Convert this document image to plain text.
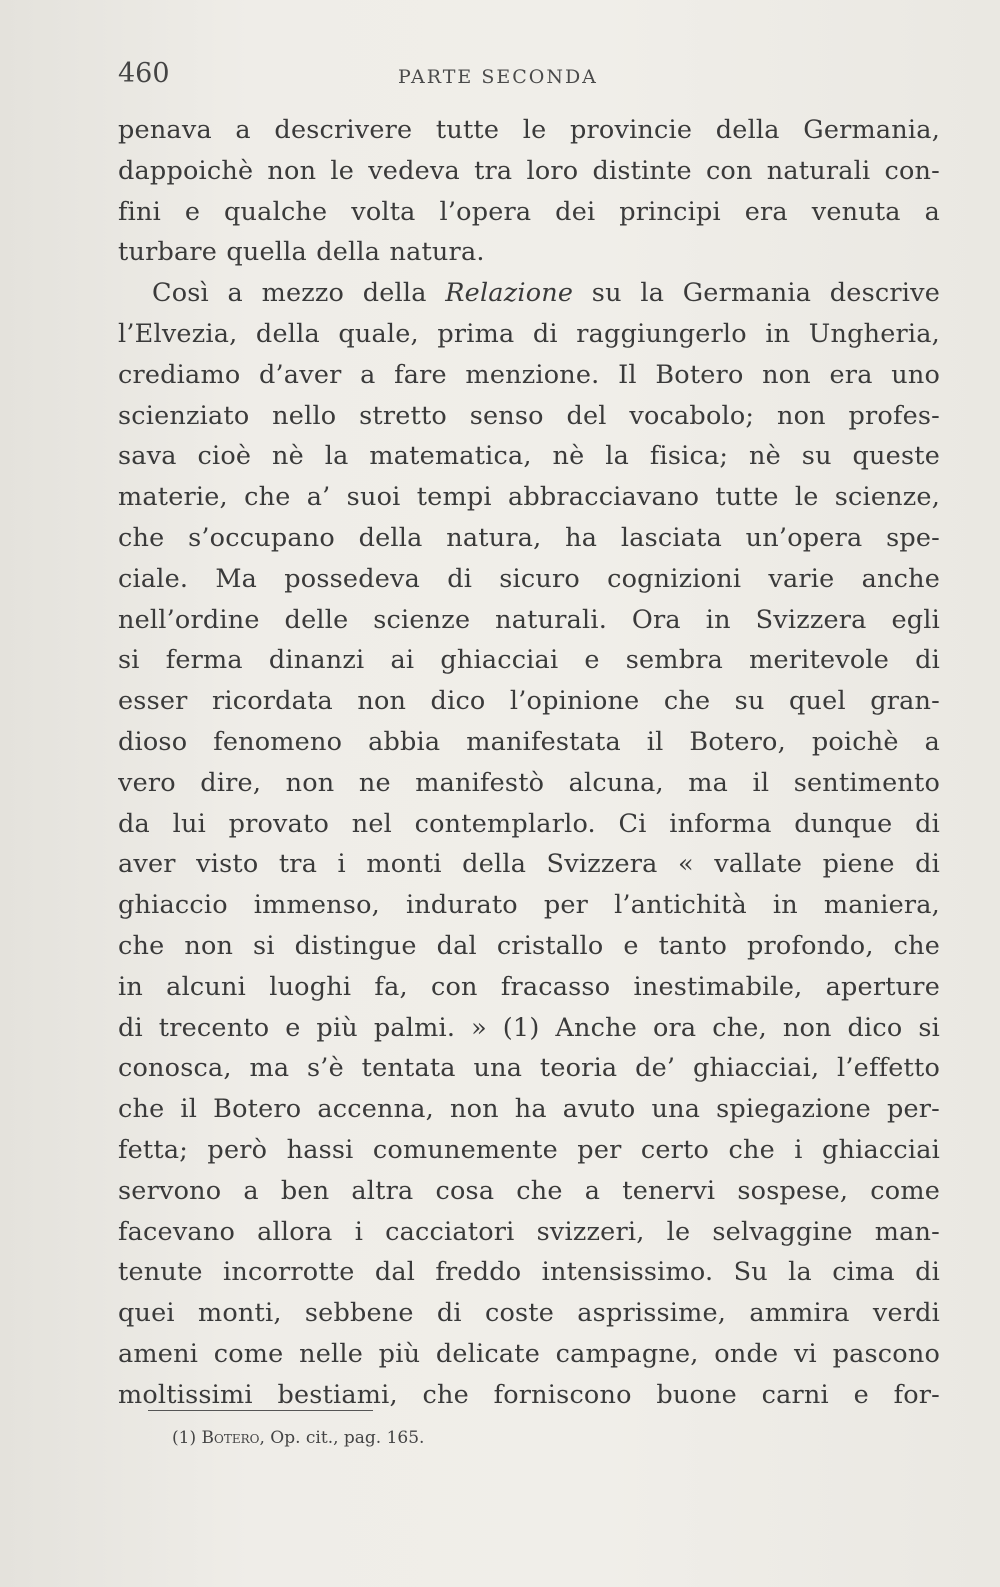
460	PARTE SECONDA
penava a descrivere tutte le provincie della Germania,
dappoichè non le vedeva tra loro distinte con naturali con-
fini e qualche volta l’opera dei principi era venuta a
turbare quella della natura.
Così a mezzo della Relazione su la Germania descrive
l’Elvezia, della quale, prima di raggiungerlo in Ungheria,
crediamo d’aver a fare menzione. Il Botero non era uno
scienziato nello stretto senso del vocabolo; non profes-
sava cioè nè la matematica, nè la fisica; nè su queste
materie, che a’ suoi tempi abbracciavano tutte le scienze,
che s’occupano della natura, ha lasciata un’opera spe-
ciale. Ma possedeva di sicuro cognizioni varie anche
nell’ordine delle scienze naturali. Ora in Svizzera egli
si ferma dinanzi ai ghiacciai e sembra meritevole di
esser ricordata non dico l’opinione che su quel gran-
dioso fenomeno abbia manifestata il Botero, poichè a
vero dire, non ne manifestò alcuna, ma il sentimento
da lui provato nel contemplarlo. Ci informa dunque di
aver visto tra i monti della Svizzera « vallate piene di
ghiaccio immenso, indurato per l’antichità in maniera,
che non si distingue dal cristallo e tanto profondo, che
in alcuni luoghi fa, con fracasso inestimabile, aperture
di trecento e più palmi. » (1) Anche ora che, non dico si
conosca, ma s’è tentata una teoria de’ ghiacciai, l’effetto
che il Botero accenna, non ha avuto una spiegazione per-
fetta; però hassi comunemente per certo che i ghiacciai
servono a ben altra cosa che a tenervi sospese, come
facevano allora i cacciatori svizzeri, le selvaggine man-
tenute incorrotte dal freddo intensissimo. Su la cima di
quei monti, sebbene di coste asprissime, ammira verdi
ameni come nelle più delicate campagne, onde vi pascono
moltissimi bestiami, che forniscono buone carni e for-
(1) Botero, Op. cit., pag. 165.
